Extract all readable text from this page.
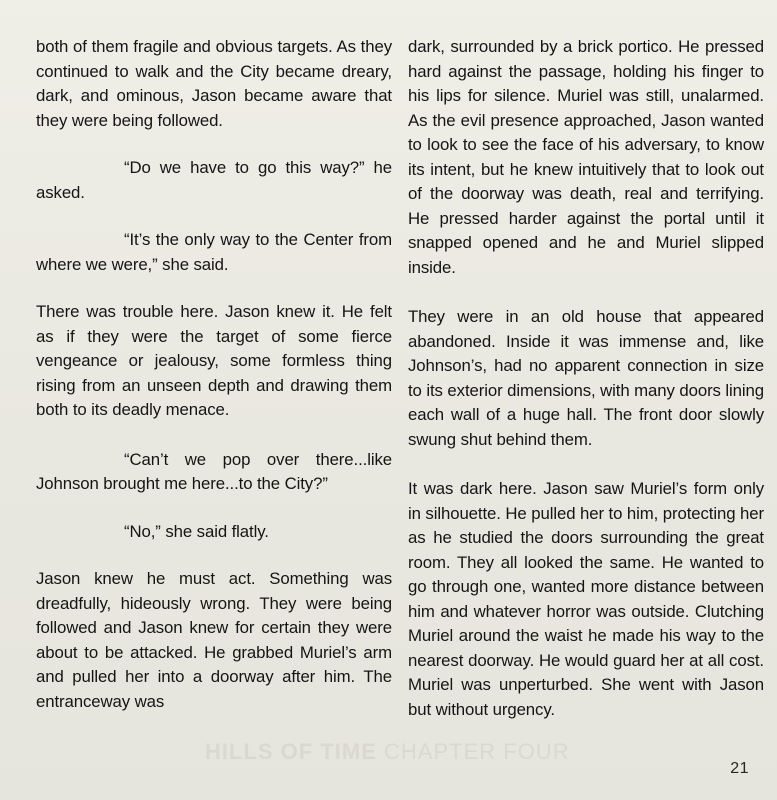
HILLS OF TIME CHAPTER FOUR

both of them fragile and obvious targets. As they continued to walk and the City became dreary, dark, and ominous, Jason became aware that they were being followed.

“Do we have to go this way?” he asked.

“It’s the only way to the Center from where we were,” she said.

There was trouble here. Jason knew it. He felt as if they were the target of some fierce vengeance or jealousy, some formless thing rising from an unseen depth and drawing them both to its deadly menace.

“Can’t we pop over there...like Johnson brought me here...to the City?”

“No,” she said flatly.

Jason knew he must act. Something was dreadfully, hideously wrong. They were being followed and Jason knew for certain they were about to be attacked. He grabbed Muriel’s arm and pulled her into a doorway after him. The entranceway was

dark, surrounded by a brick portico. He pressed hard against the passage, holding his finger to his lips for silence. Muriel was still, unalarmed. As the evil presence approached, Jason wanted to look to see the face of his adversary, to know its intent, but he knew intuitively that to look out of the doorway was death, real and terrifying. He pressed harder against the portal until it snapped opened and he and Muriel slipped inside.

They were in an old house that appeared abandoned. Inside it was immense and, like Johnson’s, had no apparent connection in size to its exterior dimensions, with many doors lining each wall of a huge hall. The front door slowly swung shut behind them.

It was dark here. Jason saw Muriel’s form only in silhouette. He pulled her to him, protecting her as he studied the doors surrounding the great room. They all looked the same. He wanted to go through one, wanted more distance between him and whatever horror was outside. Clutching Muriel around the waist he made his way to the nearest doorway. He would guard her at all cost. Muriel was unperturbed. She went with Jason but without urgency.

21
